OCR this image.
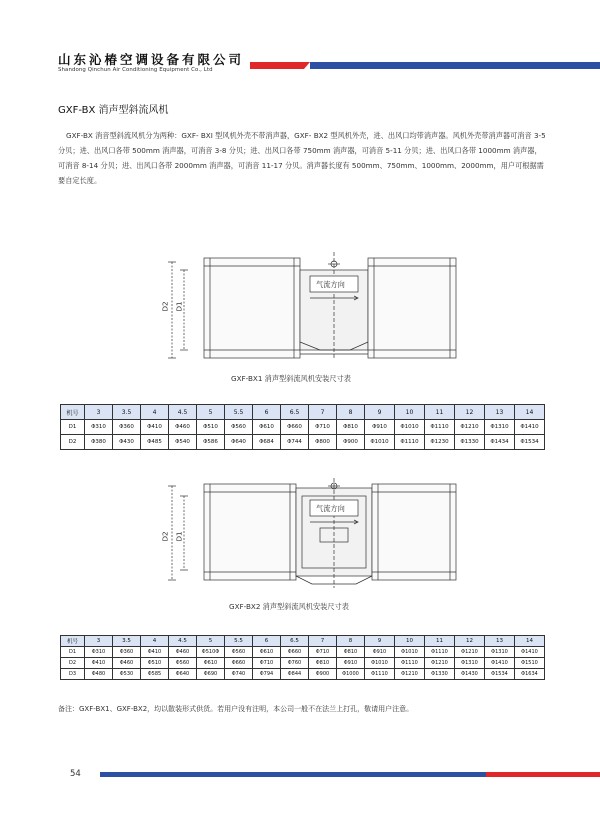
山东沁椿空调设备有限公司
Shandong Qinchun Air Conditioning Equipment Co., Ltd
GXF-BX 消声型斜流风机

GXF-BX 消音型斜流风机分为两种：GXF- BXI 型风机外壳不带消声器，GXF- BX2 型风机外壳，进、出风口均带消声器。风机外壳带消声器可消音 3-5 分贝；进、出风口各带 500mm 消声器，可消音 3-8 分贝；进、出风口各带 750mm 消声器，可消音 5-11 分贝；进、出风口各带 1000mm 消声器，可消音 8-14 分贝；进、出风口各带 2000mm 消声器，可消音 11-17 分贝。消声器长度有 500mm、750mm、1000mm、2000mm，用户可根据需要自定长度。

D2 D1
气流方向
GXF-BX1 消声型斜流风机安装尺寸表
机号	3	3.5	4	4.5	5	5.5	6	6.5	7	8	9	10	11	12	13	14
D1	Φ310	Φ360	Φ410	Φ460	Φ510	Φ560	Φ610	Φ660	Φ710	Φ810	Φ910	Φ1010	Φ1110	Φ1210	Φ1310	Φ1410
D2	Φ380	Φ430	Φ485	Φ540	Φ586	Φ640	Φ684	Φ744	Φ800	Φ900	Φ1010	Φ1110	Φ1230	Φ1330	Φ1434	Φ1534
D2 D1
气流方向
GXF-BX2 消声型斜流风机安装尺寸表
机号	3	3.5	4	4.5	5	5.5	6	6.5	7	8	9	10	11	12	13	14
D1	Φ310	Φ360	Φ410	Φ460	Φ510Φ	Φ560	Φ610	Φ660	Φ710	Φ810	Φ910	Φ1010	Φ1110	Φ1210	Φ1310	Φ1410
D2	Φ410	Φ460	Φ510	Φ560	Φ610	Φ660	Φ710	Φ760	Φ810	Φ910	Φ1010	Φ1110	Φ1210	Φ1310	Φ1410	Φ1510
D3	Φ480	Φ530	Φ585	Φ640	Φ690	Φ740	Φ794	Φ844	Φ900	Φ1000	Φ1110	Φ1210	Φ1330	Φ1430	Φ1534	Φ1634
备注：GXF-BX1、GXF-BX2，均以散装形式供货。若用户没有注明，本公司一般不在法兰上打孔，敬请用户注意。
54
